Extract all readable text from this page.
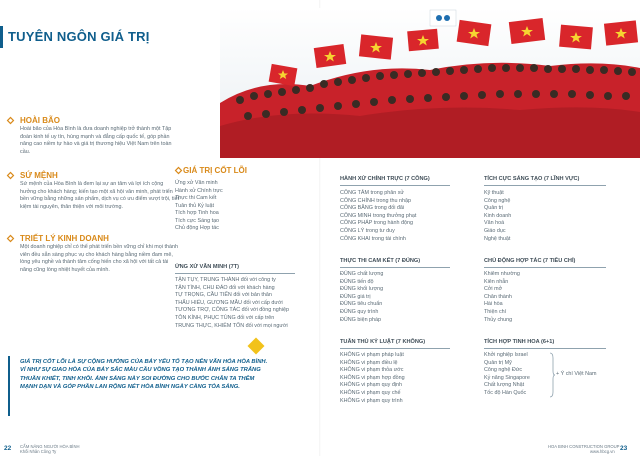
TUYÊN NGÔN GIÁ TRỊ
HOÀI BÃO
Hoài bão của Hòa Bình là đưa doanh nghiệp trở thành một Tập đoàn kinh tế uy tín, hùng mạnh và đẳng cấp quốc tế, góp phần nâng cao niềm tự hào và giá trị thương hiệu Việt Nam trên toàn cầu.
SỨ MỆNH
Sứ mệnh của Hòa Bình là đem lại sự an tâm và lợi ích cộng hưởng cho khách hàng; kiến tạo một xã hội văn minh, phát triển bền vững bằng những sản phẩm, dịch vụ có ưu điểm vượt trội, tiết kiệm tài nguyên, thân thiện với môi trường.
TRIẾT LÝ KINH DOANH
Một doanh nghiệp chỉ có thể phát triển bền vững chỉ khi mọi thành viên đều sẵn sàng phục vụ cho khách hàng bằng niềm đam mê, lòng yêu nghề và thành tâm cống hiến cho xã hội với tất cả tài năng cũng lòng nhiệt huyết của mình.
GIÁ TRỊ CỐT LÕI
Ứng xử Văn minh
Hành xử Chính trực
Thực thi Cam kết
Tuân thủ Kỷ luật
Tích hợp Tinh hoa
Tích cực Sáng tạo
Chủ động Hợp tác
ỨNG XỬ VĂN MINH (7T)
TẬN TỤY, TRUNG THÀNH đối với công ty
TẬN TÌNH, CHU ĐÁO đối với khách hàng
TỰ TRỌNG, CẦU TIẾN đối với bản thân
THẤU HIỂU, GƯƠNG MẪU đối với cấp dưới
TƯƠNG TRỢ, CÔNG TÁC đối với đồng nghiệp
TÔN KÍNH, PHỤC TÙNG đối với cấp trên
TRUNG THỰC, KHIÊM TỐN đối với mọi người
HÀNH XỬ CHÍNH TRỰC (7 CÔNG)
CÔNG TÂM trong phân xử
CÔNG CHÍNH trong thu nhập
CÔNG BẰNG trong đối đãi
CÔNG MINH trong thưởng phạt
CÔNG PHÁP trong hành động
CÔNG LÝ trong tư duy
CÔNG KHAI trong tài chính
THỰC THI CAM KẾT (7 ĐÚNG)
ĐÚNG chất lượng
ĐÚNG tiến độ
ĐÚNG khối lượng
ĐÚNG giá trị
ĐÚNG tiêu chuẩn
ĐÚNG quy trình
ĐÚNG biện pháp
TUÂN THỦ KỶ LUẬT (7 KHÔNG)
KHÔNG vi phạm pháp luật
KHÔNG vi phạm điều lệ
KHÔNG vi phạm thỏa ước
KHÔNG vi phạm hợp đồng
KHÔNG vi phạm quy định
KHÔNG vi phạm quy chế
KHÔNG vi phạm quy trình
TÍCH CỰC SÁNG TẠO (7 LĨNH VỰC)
Kỹ thuật
Công nghệ
Quản trị
Kinh doanh
Văn hoá
Giáo dục
Nghệ thuật
CHỦ ĐỘNG HỢP TÁC (7 TIÊU CHÍ)
Khiêm nhường
Kiên nhẫn
Cởi mở
Chân thành
Hài hòa
Thiện chí
Thủy chung
TÍCH HỢP TINH HOA (6+1)
Khởi nghiệp Israel
Quản trị Mỹ
Công nghệ Đức
Kỷ năng Singapore
Chất lượng Nhật
Tốc độ Hàn Quốc
+ Ý chí Việt Nam
GIÁ TRỊ CỐT LÕI LÀ SỰ CỘNG HƯỞNG CỦA BẢY YẾU TỐ TẠO NÊN VĂN HÓA HÒA BÌNH. VÍ NHƯ SỰ GIAO HÒA CỦA BẢY SẮC MÀU CẦU VỒNG TẠO THÀNH ÁNH SÁNG TRẮNG THUẦN KHIẾT, TINH KHÔI. ÁNH SÁNG NÀY SOI ĐƯỜNG CHO BƯỚC CHÂN TA THÊM MẠNH DẠN VÀ GÓP PHẦN LAN RỘNG NÉT HÒA BÌNH NGÀY CÀNG TỎA SÁNG.
22 CẨM NĂNG NGƯỜI HÒA BÌNH
Khối Nhân Công Ty
HOA BINH CONSTRUCTION GROUP
www.hbcg.vn 23
